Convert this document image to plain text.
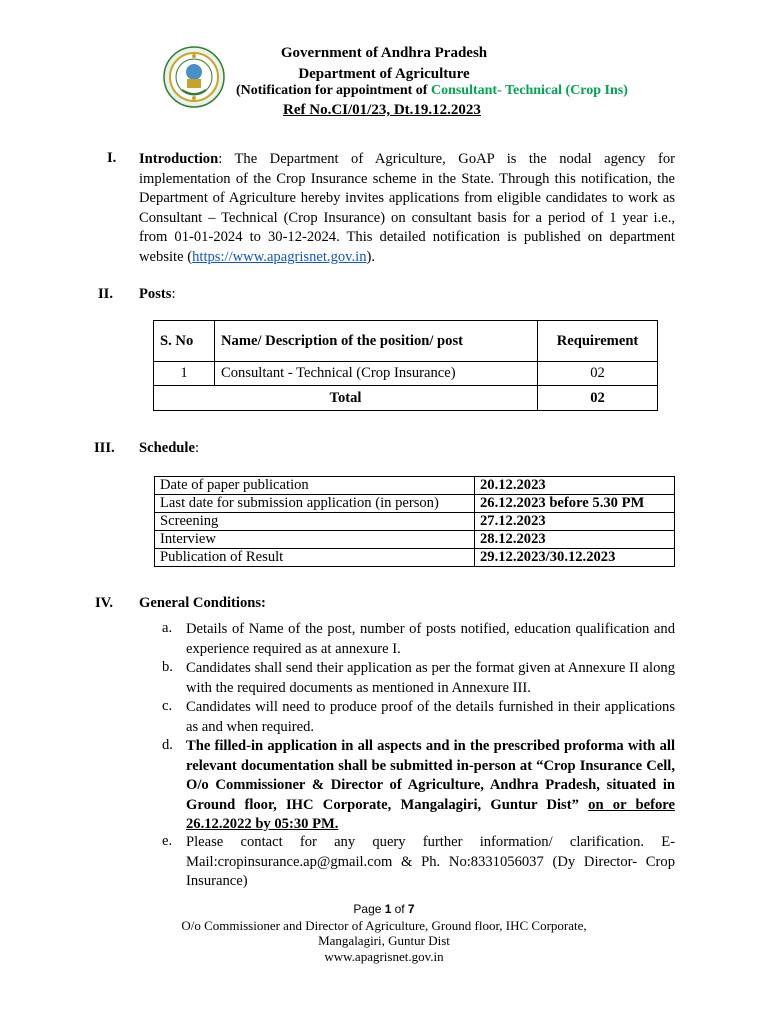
Government of Andhra Pradesh
Department of Agriculture
(Notification for appointment of Consultant- Technical (Crop Ins)
Ref No.CI/01/23, Dt.19.12.2023
I. Introduction: The Department of Agriculture, GoAP is the nodal agency for implementation of the Crop Insurance scheme in the State. Through this notification, the Department of Agriculture hereby invites applications from eligible candidates to work as Consultant – Technical (Crop Insurance) on consultant basis for a period of 1 year i.e., from 01-01-2024 to 30-12-2024. This detailed notification is published on department website (https://www.apagrisnet.gov.in).
II. Posts:
S. No	Name/ Description of the position/ post	Requirement
1	Consultant - Technical (Crop Insurance)	02
Total		02
III. Schedule:
Date of paper publication	20.12.2023
Last date for submission application (in person)	26.12.2023 before 5.30 PM
Screening	27.12.2023
Interview	28.12.2023
Publication of Result	29.12.2023/30.12.2023
IV. General Conditions:
a. Details of Name of the post, number of posts notified, education qualification and experience required as at annexure I.
b. Candidates shall send their application as per the format given at Annexure II along with the required documents as mentioned in Annexure III.
c. Candidates will need to produce proof of the details furnished in their applications as and when required.
d. The filled-in application in all aspects and in the prescribed proforma with all relevant documentation shall be submitted in-person at “Crop Insurance Cell, O/o Commissioner & Director of Agriculture, Andhra Pradesh, situated in Ground floor, IHC Corporate, Mangalagiri, Guntur Dist” on or before 26.12.2022 by 05:30 PM.
e. Please contact for any query further information/ clarification. E-Mail:cropinsurance.ap@gmail.com & Ph. No:8331056037 (Dy Director- Crop Insurance)
Page 1 of 7
O/o Commissioner and Director of Agriculture, Ground floor, IHC Corporate,
Mangalagiri, Guntur Dist
www.apagrisnet.gov.in
